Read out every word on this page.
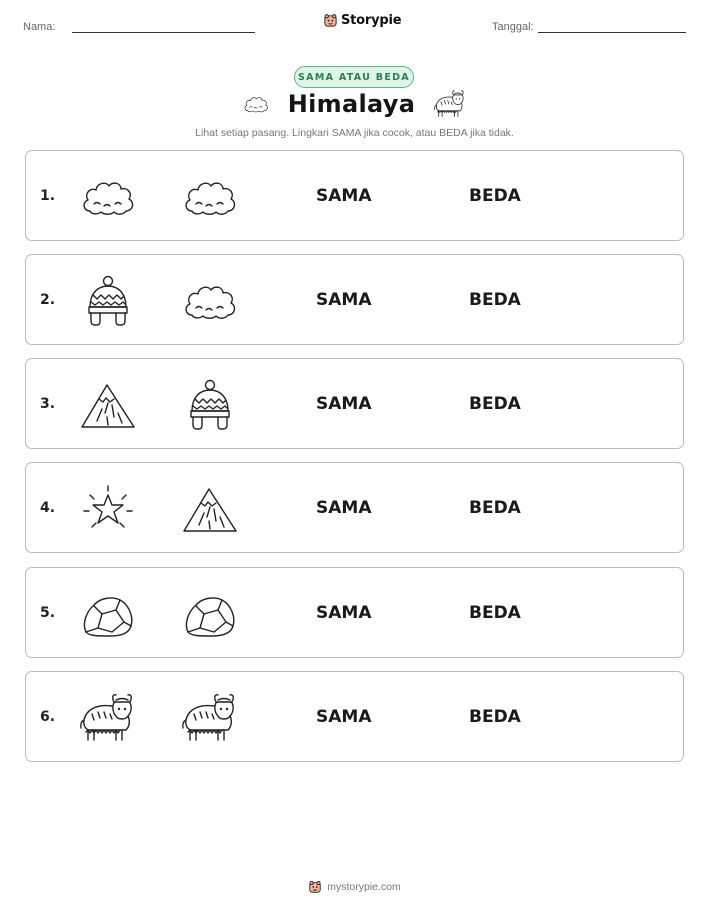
Nama:	Storypie	Tanggal:
SAMA ATAU BEDA
Himalaya
Lihat setiap pasang. Lingkari SAMA jika cocok, atau BEDA jika tidak.
1.	SAMA	BEDA
2.	SAMA	BEDA
3.	SAMA	BEDA
4.	SAMA	BEDA
5.	SAMA	BEDA
6.	SAMA	BEDA
mystorypie.com
